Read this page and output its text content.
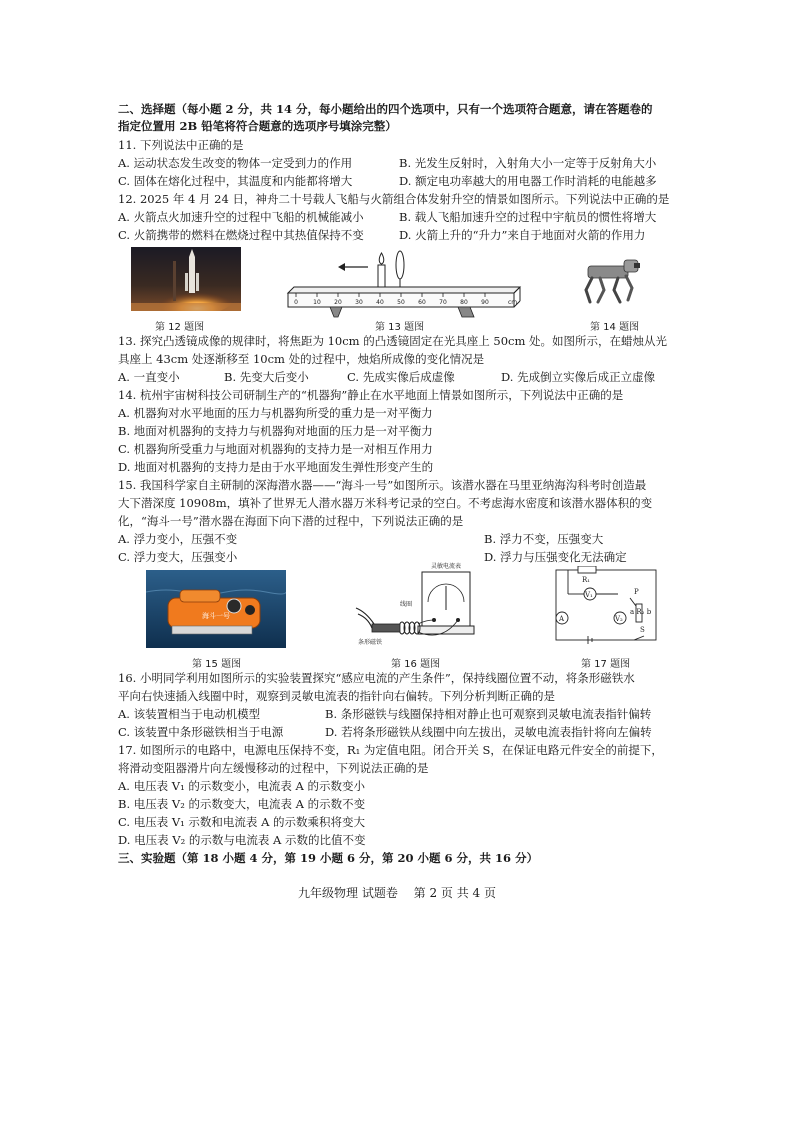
二、选择题（每小题 2 分，共 14 分，每小题给出的四个选项中，只有一个选项符合题意，请在答题卷的
指定位置用 2B 铅笔将符合题意的选项序号填涂完整）
11. 下列说法中正确的是
A. 运动状态发生改变的物体一定受到力的作用	B. 光发生反射时，入射角大小一定等于反射角大小
C. 固体在熔化过程中，其温度和内能都将增大	D. 额定电功率越大的用电器工作时消耗的电能越多
12. 2025 年 4 月 24 日，神舟二十号载人飞船与火箭组合体发射升空的情景如图所示。下列说法中正确的是
A. 火箭点火加速升空的过程中飞船的机械能减小	B. 载人飞船加速升空的过程中宇航员的惯性将增大
C. 火箭携带的燃料在燃烧过程中其热值保持不变	D. 火箭上升的“升力”来自于地面对火箭的作用力
第 12 题图
0	10 20 30 40 50 60 70 80 90	cm
第 13 题图	第 14 题图
13. 探究凸透镜成像的规律时，将焦距为 10cm 的凸透镜固定在光具座上 50cm 处。如图所示，在蜡烛从光
具座上 43cm 处逐渐移至 10cm 处的过程中，烛焰所成像的变化情况是
A. 一直变小	B. 先变大后变小	C. 先成实像后成虚像	D. 先成倒立实像后成正立虚像
14. 杭州宇宙树科技公司研制生产的“机器狗”静止在水平地面上情景如图所示，下列说法中正确的是
A. 机器狗对水平地面的压力与机器狗所受的重力是一对平衡力
B. 地面对机器狗的支持力与机器狗对地面的压力是一对平衡力
C. 机器狗所受重力与地面对机器狗的支持力是一对相互作用力
D. 地面对机器狗的支持力是由于水平地面发生弹性形变产生的
15. 我国科学家自主研制的深海潜水器——“海斗一号”如图所示。该潜水器在马里亚纳海沟科考时创造最
大下潜深度 10908m，填补了世界无人潜水器万米科考记录的空白。不考虑海水密度和该潜水器体积的变
化，“海斗一号”潜水器在海面下向下潜的过程中，下列说法正确的是
A. 浮力变小，压强不变	B. 浮力不变，压强变大
C. 浮力变大，压强变小	D. 浮力与压强变化无法确定
海斗一号
第 15 题图
灵敏电流表
线圈
条形磁铁
第 16 题图
R₁
V₁
A	V₂
P
a R₂ b
S
第 17 题图
16. 小明同学利用如图所示的实验装置探究“感应电流的产生条件”，保持线圈位置不动，将条形磁铁水
平向右快速插入线圈中时，观察到灵敏电流表的指针向右偏转。下列分析判断正确的是
A. 该装置相当于电动机模型	B. 条形磁铁与线圈保持相对静止也可观察到灵敏电流表指针偏转
C. 该装置中条形磁铁相当于电源	D. 若将条形磁铁从线圈中向左拔出，灵敏电流表指针将向左偏转
17. 如图所示的电路中，电源电压保持不变，R₁ 为定值电阻。闭合开关 S，在保证电路元件安全的前提下，
将滑动变阻器滑片向左缓慢移动的过程中，下列说法正确的是
A. 电压表 V₁ 的示数变小，电流表 A 的示数变小
B. 电压表 V₂ 的示数变大，电流表 A 的示数不变
C. 电压表 V₁ 示数和电流表 A 的示数乘积将变大
D. 电压表 V₂ 的示数与电流表 A 示数的比值不变
三、实验题（第 18 小题 4 分，第 19 小题 6 分，第 20 小题 6 分，共 16 分）
九年级物理 试题卷 第 2 页 共 4 页
